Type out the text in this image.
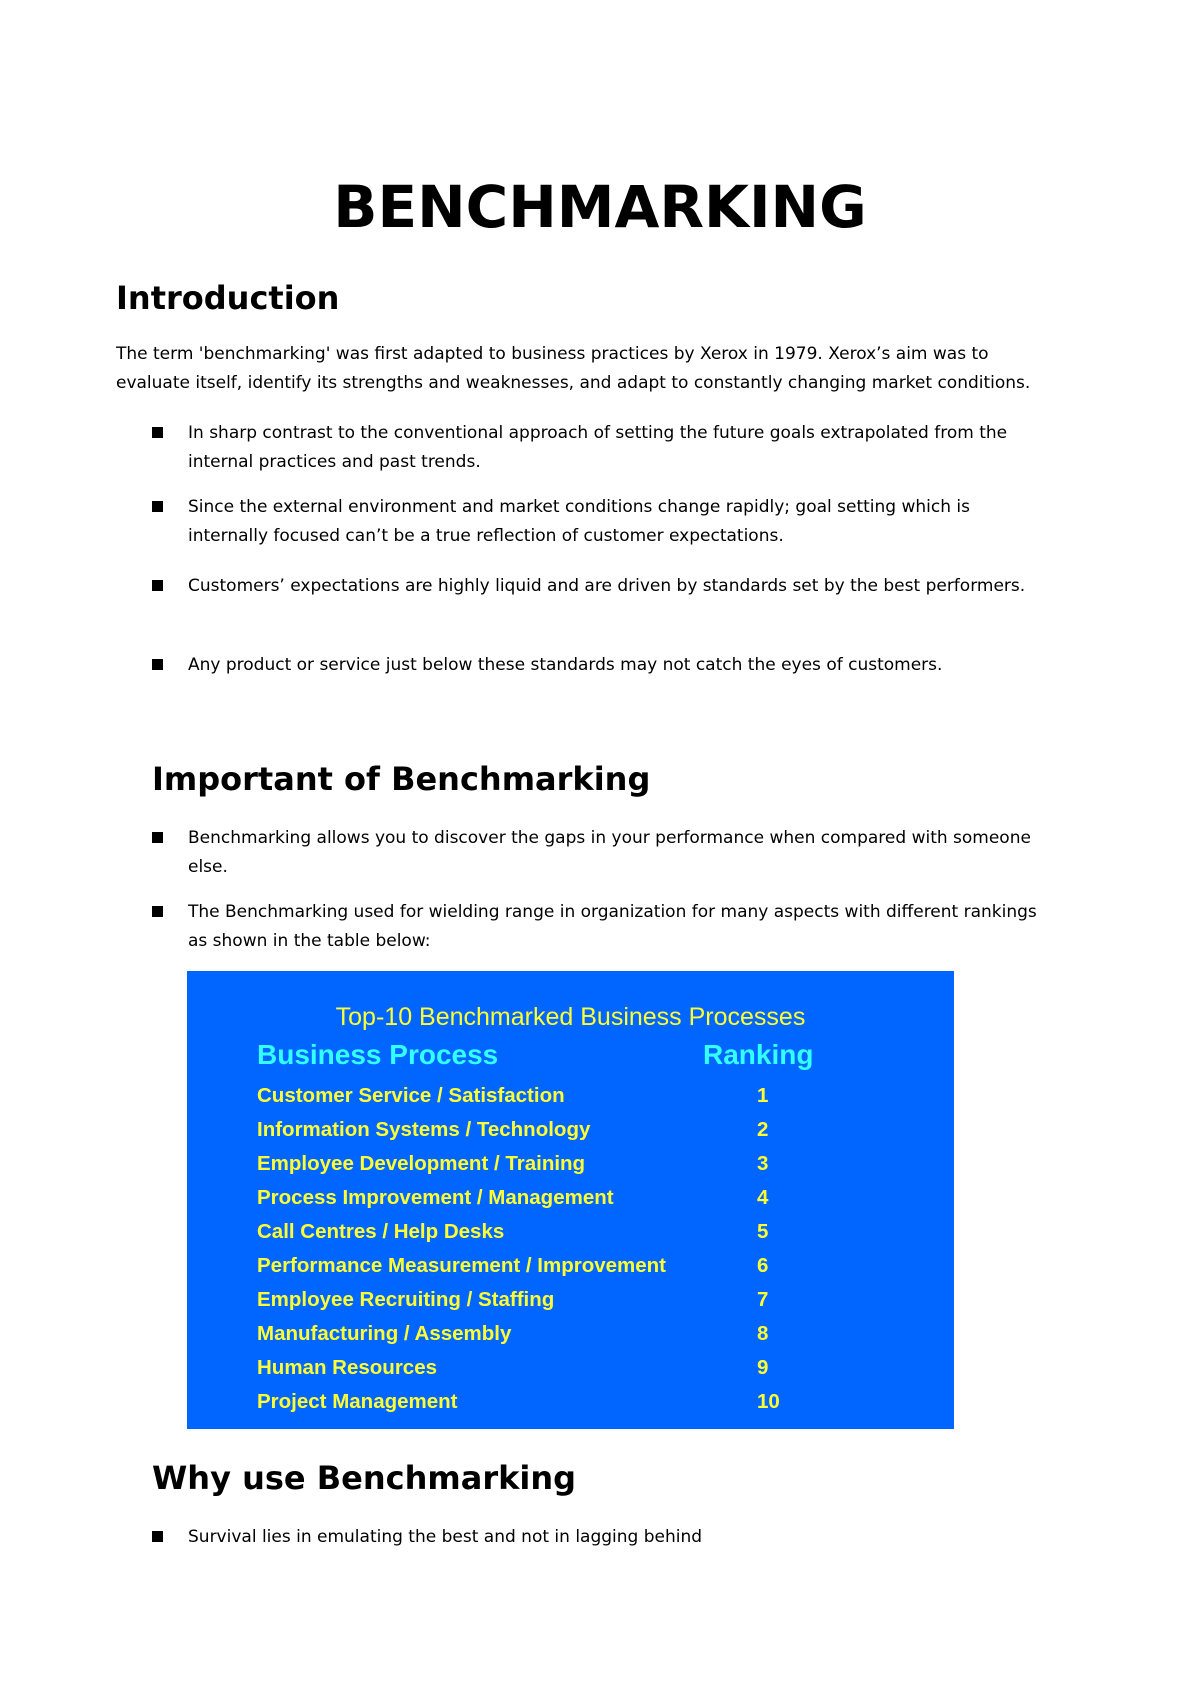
BENCHMARKING
Introduction

The term 'benchmarking' was first adapted to business practices by Xerox in 1979. Xerox’s aim was to

evaluate itself, identify its strengths and weaknesses, and adapt to constantly changing market conditions.

In sharp contrast to the conventional approach of setting the future goals extrapolated from the

internal practices and past trends.

Since the external environment and market conditions change rapidly; goal setting which is

internally focused can’t be a true reflection of customer expectations.

Customers’ expectations are highly liquid and are driven by standards set by the best performers.

Any product or service just below these standards may not catch the eyes of customers.

Important of Benchmarking

Benchmarking allows you to discover the gaps in your performance when compared with someone

else.

The Benchmarking used for wielding range in organization for many aspects with different rankings

as shown in the table below:

Top-10 Benchmarked Business Processes
Business Process	Ranking
Customer Service / Satisfaction	1
Information Systems / Technology	2
Employee Development / Training	3
Process Improvement / Management	4
Call Centres / Help Desks	5
Performance Measurement / Improvement	6
Employee Recruiting / Staffing	7
Manufacturing / Assembly	8
Human Resources	9
Project Management	10
Why use Benchmarking

Survival lies in emulating the best and not in lagging behind
